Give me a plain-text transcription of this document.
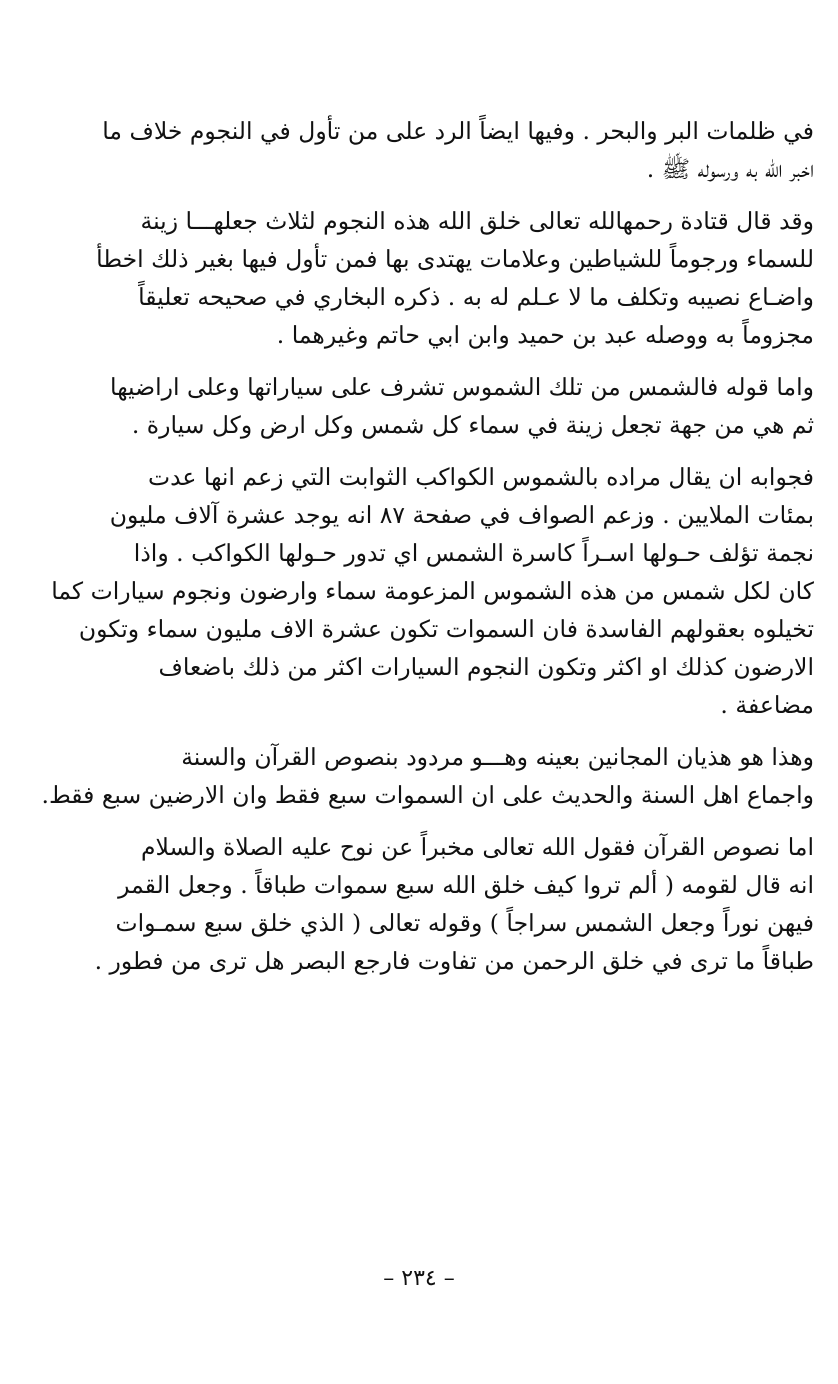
في ظلمات البر والبحر . وفيها ايضاً الرد على من تأول في النجوم خلاف ما
اخبر الله به ورسوله ﷺ .
وقد قال قتادة رحمهالله تعالى خلق الله هذه النجوم لثلاث جعلهـــا زينة
للسماء ورجوماً للشياطين وعلامات يهتدى بها فمن تأول فيها بغير ذلك اخطأ
واضـاع نصيبه وتكلف ما لا عـلم له به . ذكره البخاري في صحيحه تعليقاً
مجزوماً به ووصله عبد بن حميد وابن ابي حاتم وغيرهما .
واما قوله فالشمس من تلك الشموس تشرف على سياراتها وعلى اراضيها
ثم هي من جهة تجعل زينة في سماء كل شمس وكل ارض وكل سيارة .
فجوابه ان يقال مراده بالشموس الكواكب الثوابت التي زعم انها عدت
بمئات الملايين . وزعم الصواف في صفحة ٨٧ انه يوجد عشرة آلاف مليون
نجمة تؤلف حـولها اسـراً كاسرة الشمس اي تدور حـولها الكواكب . واذا
كان لكل شمس من هذه الشموس المزعومة سماء وارضون ونجوم سيارات كما
تخيلوه بعقولهم الفاسدة فان السموات تكون عشرة الاف مليون سماء وتكون
الارضون كذلك او اكثر وتكون النجوم السيارات اكثر من ذلك باضعاف
مضاعفة .
وهذا هو هذيان المجانين بعينه وهـــو مردود بنصوص القرآن والسنة
واجماع اهل السنة والحديث على ان السموات سبع فقط وان الارضين سبع فقط.
اما نصوص القرآن فقول الله تعالى مخبراً عن نوح عليه الصلاة والسلام
انه قال لقومه ( ألم تروا كيف خلق الله سبع سموات طباقاً . وجعل القمر
فيهن نوراً وجعل الشمس سراجاً ) وقوله تعالى ( الذي خلق سبع سمـوات
طباقاً ما ترى في خلق الرحمن من تفاوت فارجع البصر هل ترى من فطور .
– ٢٣٤ –
